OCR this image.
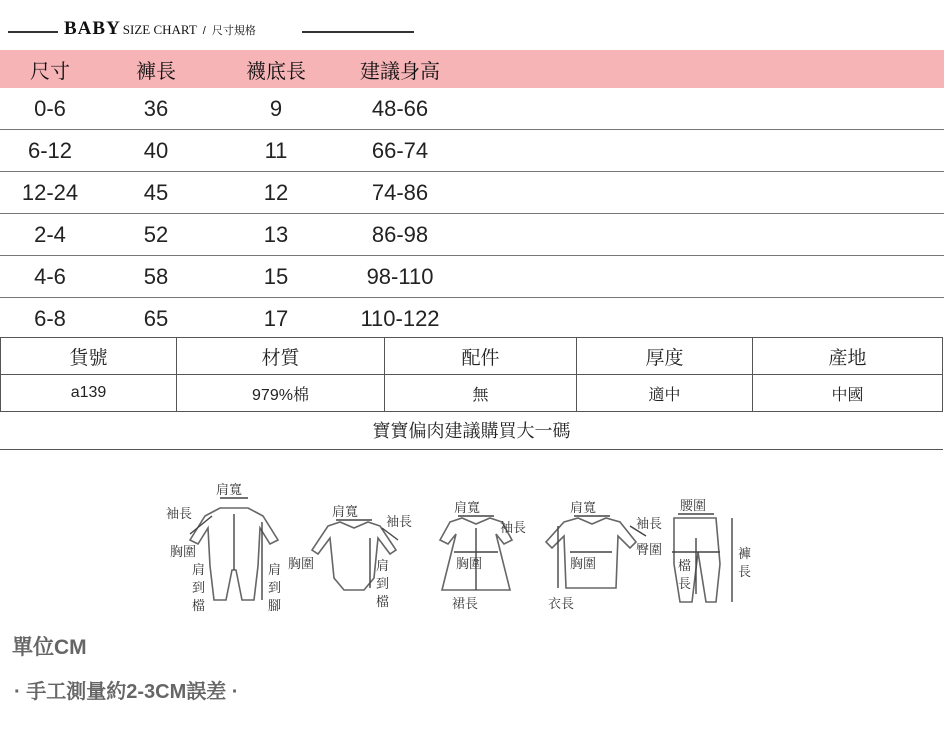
BABY SIZE CHART / 尺寸規格
尺寸	褲長	襪底長	建議身高	
0-6	36	9	48-66	
6-12	40	11	66-74	
12-24	45	12	74-86	
2-4	52	13	86-98	
4-6	58	15	98-110	
6-8	65	17	110-122	
貨號	材質	配件	厚度	產地
a139	979%棉	無	適中	中國
寶寶偏肉建議購買大一碼
肩寬
袖長
胸圍
肩
到
檔
肩
到
腳
肩寬
袖長
胸圍	肩
到
檔
肩寬
胸圍
裙長
肩寬
袖長
胸圍
衣長
腰圍
袖長
臀圍
檔
長
褲
長
單位CM
· 手工測量約2-3CM誤差 ·
